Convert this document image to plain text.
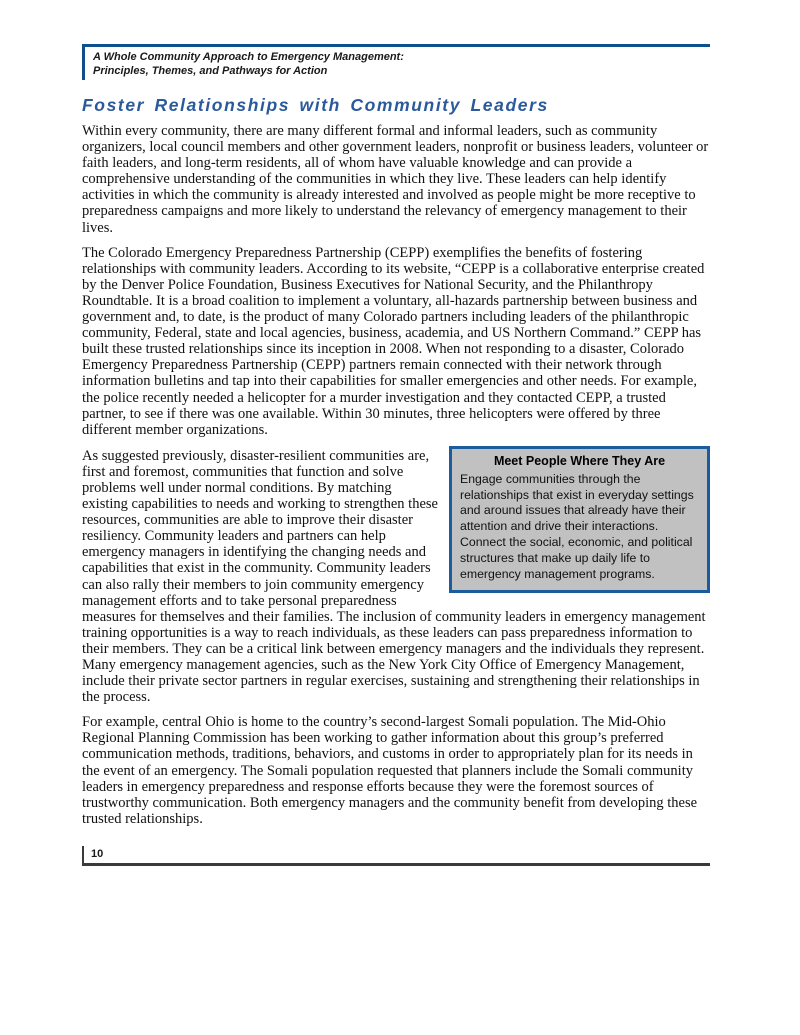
A Whole Community Approach to Emergency Management:
Principles, Themes, and Pathways for Action
Foster Relationships with Community Leaders

Within every community, there are many different formal and informal leaders, such as community organizers, local council members and other government leaders, nonprofit or business leaders, volunteer or faith leaders, and long-term residents, all of whom have valuable knowledge and can provide a comprehensive understanding of the communities in which they live. These leaders can help identify activities in which the community is already interested and involved as people might be more receptive to preparedness campaigns and more likely to understand the relevancy of emergency management to their lives.

The Colorado Emergency Preparedness Partnership (CEPP) exemplifies the benefits of fostering relationships with community leaders. According to its website, “CEPP is a collaborative enterprise created by the Denver Police Foundation, Business Executives for National Security, and the Philanthropy Roundtable. It is a broad coalition to implement a voluntary, all-hazards partnership between business and government and, to date, is the product of many Colorado partners including leaders of the philanthropic community, Federal, state and local agencies, business, academia, and US Northern Command.” CEPP has built these trusted relationships since its inception in 2008. When not responding to a disaster, Colorado Emergency Preparedness Partnership (CEPP) partners remain connected with their network through information bulletins and tap into their capabilities for smaller emergencies and other needs. For example, the police recently needed a helicopter for a murder investigation and they contacted CEPP, a trusted partner, to see if there was one available. Within 30 minutes, three helicopters were offered by three different member organizations.

Meet People Where They Are
Engage communities through the relationships that exist in everyday settings and around issues that already have their attention and drive their interactions. Connect the social, economic, and political structures that make up daily life to emergency management programs.

As suggested previously, disaster-resilient communities are, first and foremost, communities that function and solve problems well under normal conditions. By matching existing capabilities to needs and working to strengthen these resources, communities are able to improve their disaster resiliency. Community leaders and partners can help emergency managers in identifying the changing needs and capabilities that exist in the community. Community leaders can also rally their members to join community emergency management efforts and to take personal preparedness measures for themselves and their families. The inclusion of community leaders in emergency management training opportunities is a way to reach individuals, as these leaders can pass preparedness information to their members. They can be a critical link between emergency managers and the individuals they represent. Many emergency management agencies, such as the New York City Office of Emergency Management, include their private sector partners in regular exercises, sustaining and strengthening their relationships in the process.

For example, central Ohio is home to the country’s second-largest Somali population. The Mid-Ohio Regional Planning Commission has been working to gather information about this group’s preferred communication methods, traditions, behaviors, and customs in order to appropriately plan for its needs in the event of an emergency. The Somali population requested that planners include the Somali community leaders in emergency preparedness and response efforts because they were the foremost sources of trustworthy communication. Both emergency managers and the community benefit from developing these trusted relationships.

10
